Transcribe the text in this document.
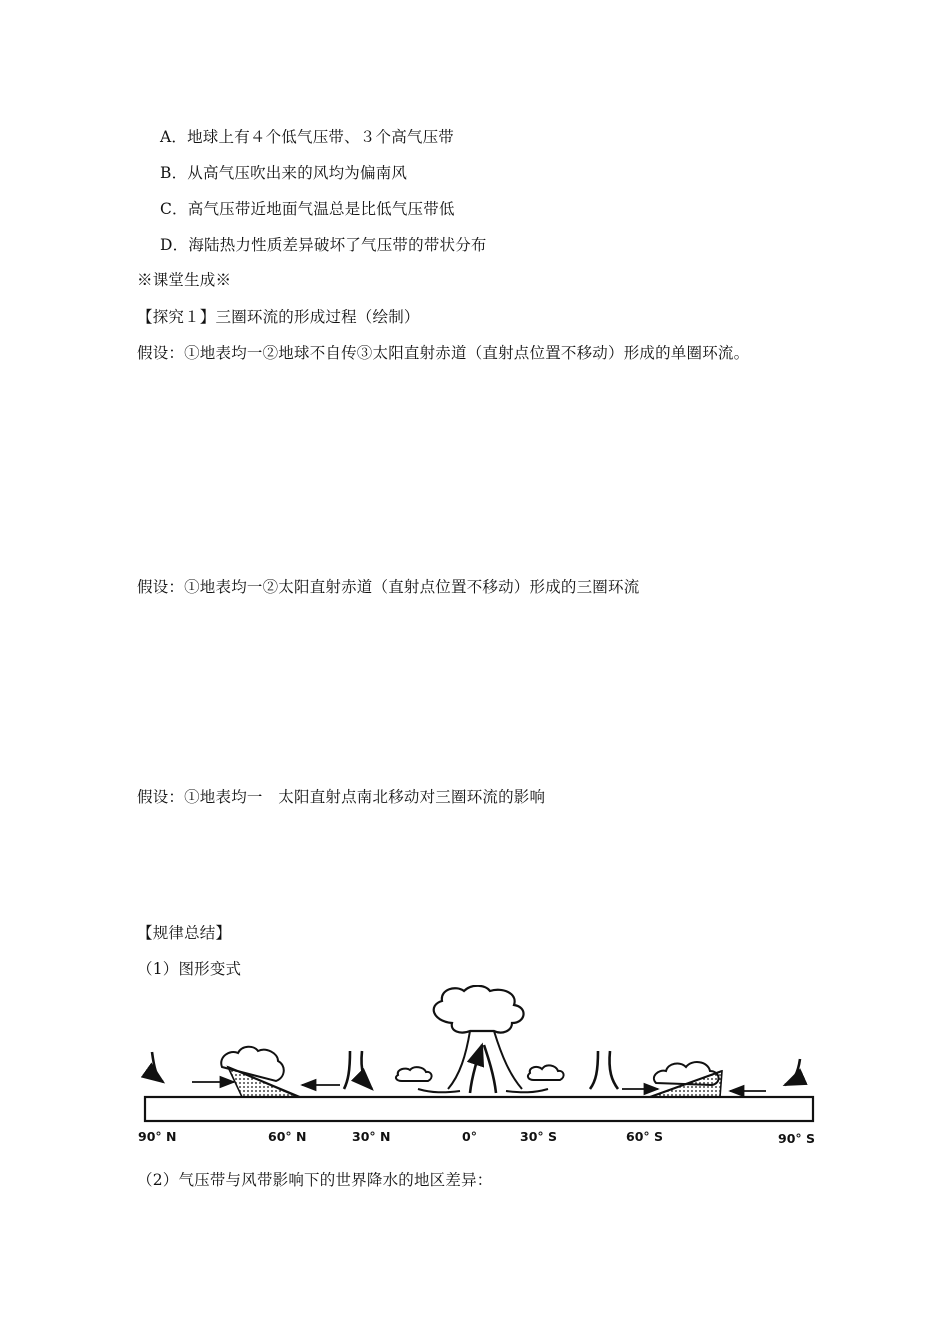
A．地球上有４个低气压带、３个高气压带
B．从高气压吹出来的风均为偏南风
C．高气压带近地面气温总是比低气压带低
D．海陆热力性质差异破坏了气压带的带状分布
※课堂生成※
【探究１】三圈环流的形成过程（绘制）
假设：①地表均一②地球不自传③太阳直射赤道（直射点位置不移动）形成的单圈环流。
假设：①地表均一②太阳直射赤道（直射点位置不移动）形成的三圈环流
假设：①地表均一　太阳直射点南北移动对三圈环流的影响
【规律总结】
（1）图形变式
90° N	60° N	30° N	0°	30° S	60° S	90° S
（2）气压带与风带影响下的世界降水的地区差异：
